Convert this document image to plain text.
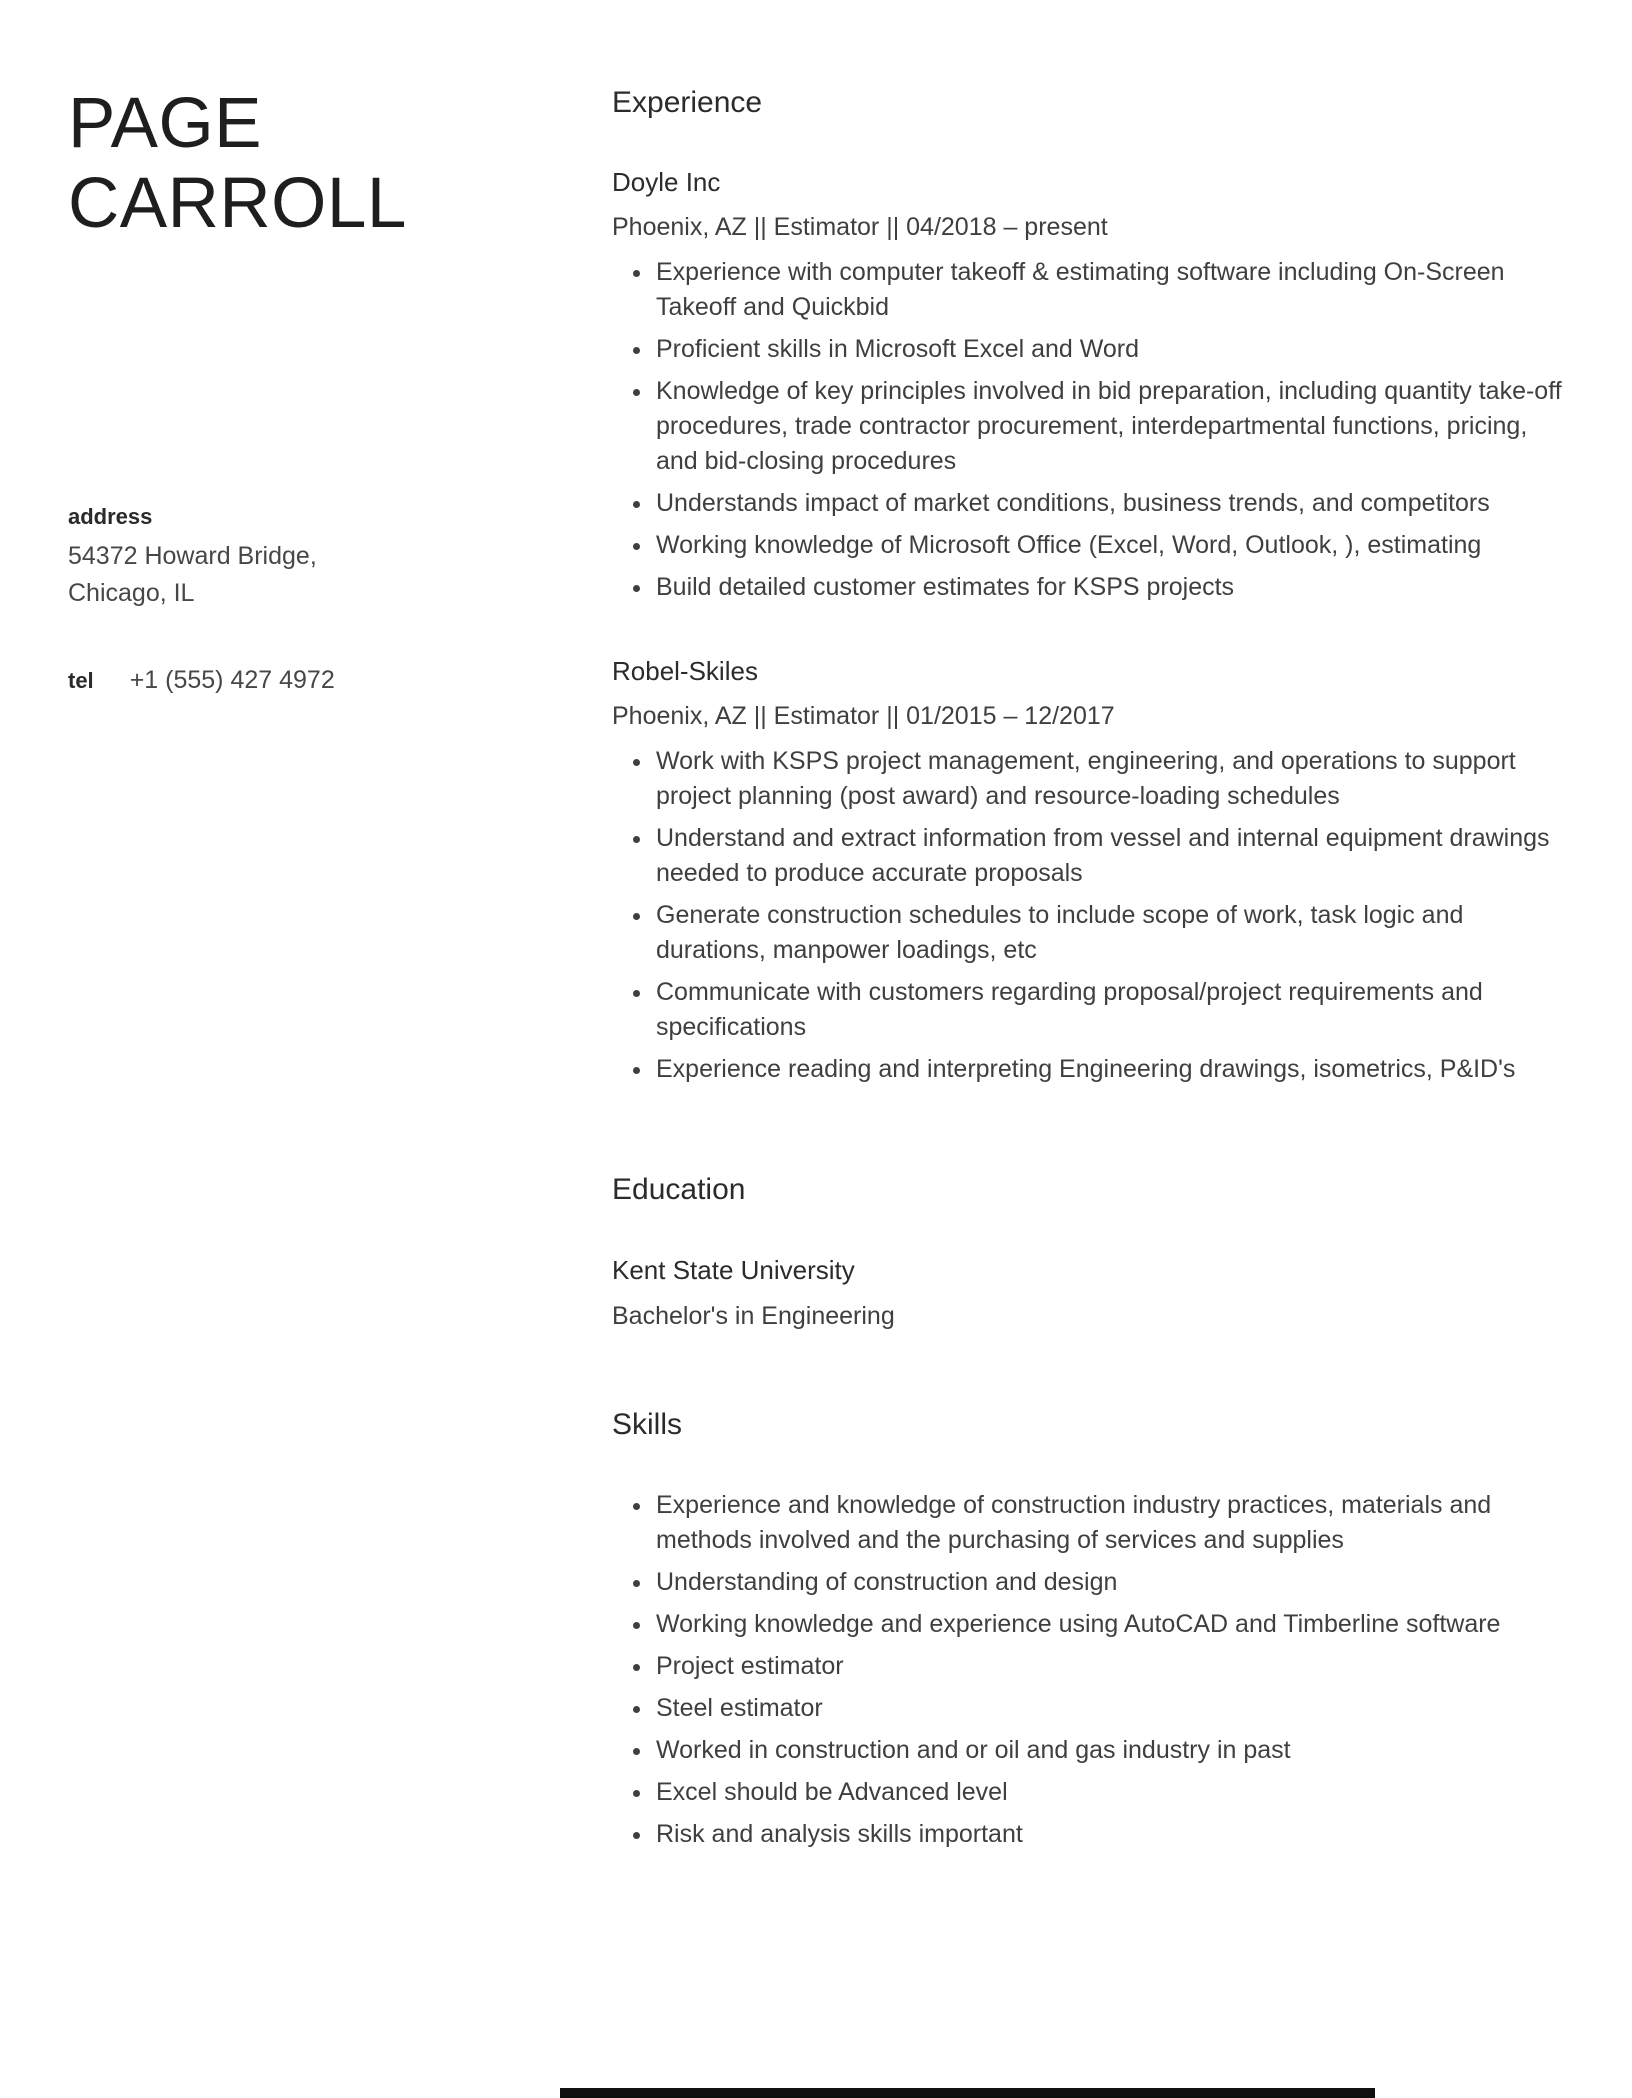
PAGE
CARROLL
address
54372 Howard Bridge,
Chicago, IL
tel +1 (555) 427 4972
Experience
Doyle Inc
Phoenix, AZ || Estimator || 04/2018 – present
• Experience with computer takeoff & estimating software including On-Screen Takeoff and Quickbid
• Proficient skills in Microsoft Excel and Word
• Knowledge of key principles involved in bid preparation, including quantity take-off procedures, trade contractor procurement, interdepartmental functions, pricing, and bid-closing procedures
• Understands impact of market conditions, business trends, and competitors
• Working knowledge of Microsoft Office (Excel, Word, Outlook, ), estimating
• Build detailed customer estimates for KSPS projects
Robel-Skiles
Phoenix, AZ || Estimator || 01/2015 – 12/2017
• Work with KSPS project management, engineering, and operations to support project planning (post award) and resource-loading schedules
• Understand and extract information from vessel and internal equipment drawings needed to produce accurate proposals
• Generate construction schedules to include scope of work, task logic and durations, manpower loadings, etc
• Communicate with customers regarding proposal/project requirements and specifications
• Experience reading and interpreting Engineering drawings, isometrics, P&ID's
Education
Kent State University
Bachelor's in Engineering
Skills
• Experience and knowledge of construction industry practices, materials and methods involved and the purchasing of services and supplies
• Understanding of construction and design
• Working knowledge and experience using AutoCAD and Timberline software
• Project estimator
• Steel estimator
• Worked in construction and or oil and gas industry in past
• Excel should be Advanced level
• Risk and analysis skills important
